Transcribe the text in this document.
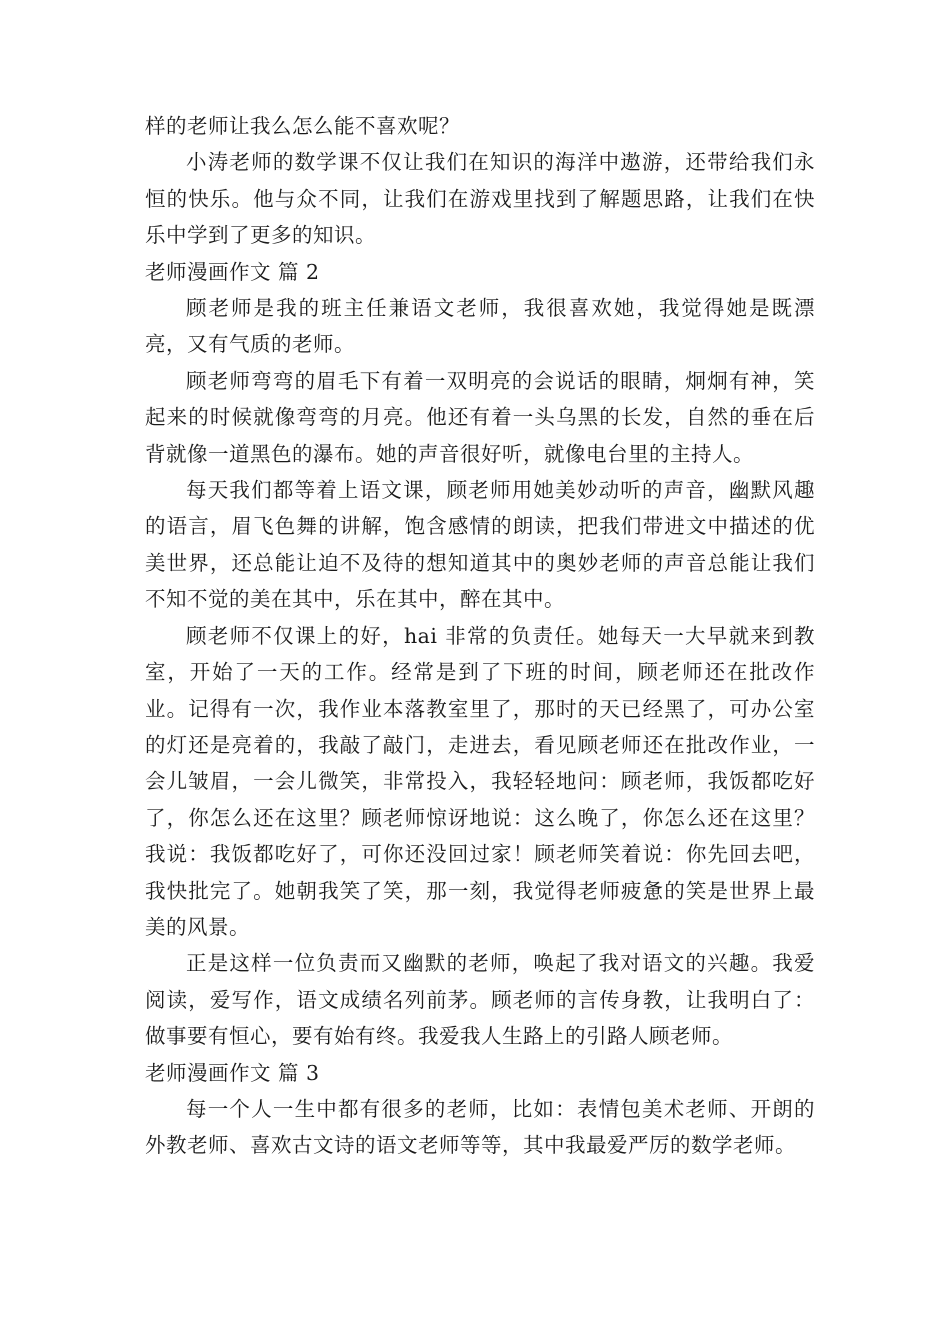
样的老师让我么怎么能不喜欢呢？

小涛老师的数学课不仅让我们在知识的海洋中遨游，还带给我们永恒的快乐。他与众不同，让我们在游戏里找到了解题思路，让我们在快乐中学到了更多的知识。

老师漫画作文 篇 2

顾老师是我的班主任兼语文老师，我很喜欢她，我觉得她是既漂亮，又有气质的老师。

顾老师弯弯的眉毛下有着一双明亮的会说话的眼睛，炯炯有神，笑起来的时候就像弯弯的月亮。他还有着一头乌黑的长发，自然的垂在后背就像一道黑色的瀑布。她的声音很好听，就像电台里的主持人。

每天我们都等着上语文课，顾老师用她美妙动听的声音，幽默风趣的语言，眉飞色舞的讲解，饱含感情的朗读，把我们带进文中描述的优美世界，还总能让迫不及待的想知道其中的奥妙老师的声音总能让我们不知不觉的美在其中，乐在其中，醉在其中。

顾老师不仅课上的好，hai 非常的负责任。她每天一大早就来到教室，开始了一天的工作。经常是到了下班的时间，顾老师还在批改作业。记得有一次，我作业本落教室里了，那时的天已经黑了，可办公室的灯还是亮着的，我敲了敲门，走进去，看见顾老师还在批改作业，一会儿皱眉，一会儿微笑，非常投入，我轻轻地问：顾老师，我饭都吃好了，你怎么还在这里？顾老师惊讶地说：这么晚了，你怎么还在这里？我说：我饭都吃好了，可你还没回过家！顾老师笑着说：你先回去吧，我快批完了。她朝我笑了笑，那一刻，我觉得老师疲惫的笑是世界上最美的风景。

正是这样一位负责而又幽默的老师，唤起了我对语文的兴趣。我爱阅读，爱写作，语文成绩名列前茅。顾老师的言传身教，让我明白了：做事要有恒心，要有始有终。我爱我人生路上的引路人顾老师。

老师漫画作文 篇 3

每一个人一生中都有很多的老师，比如：表情包美术老师、开朗的外教老师、喜欢古文诗的语文老师等等，其中我最爱严厉的数学老师。
